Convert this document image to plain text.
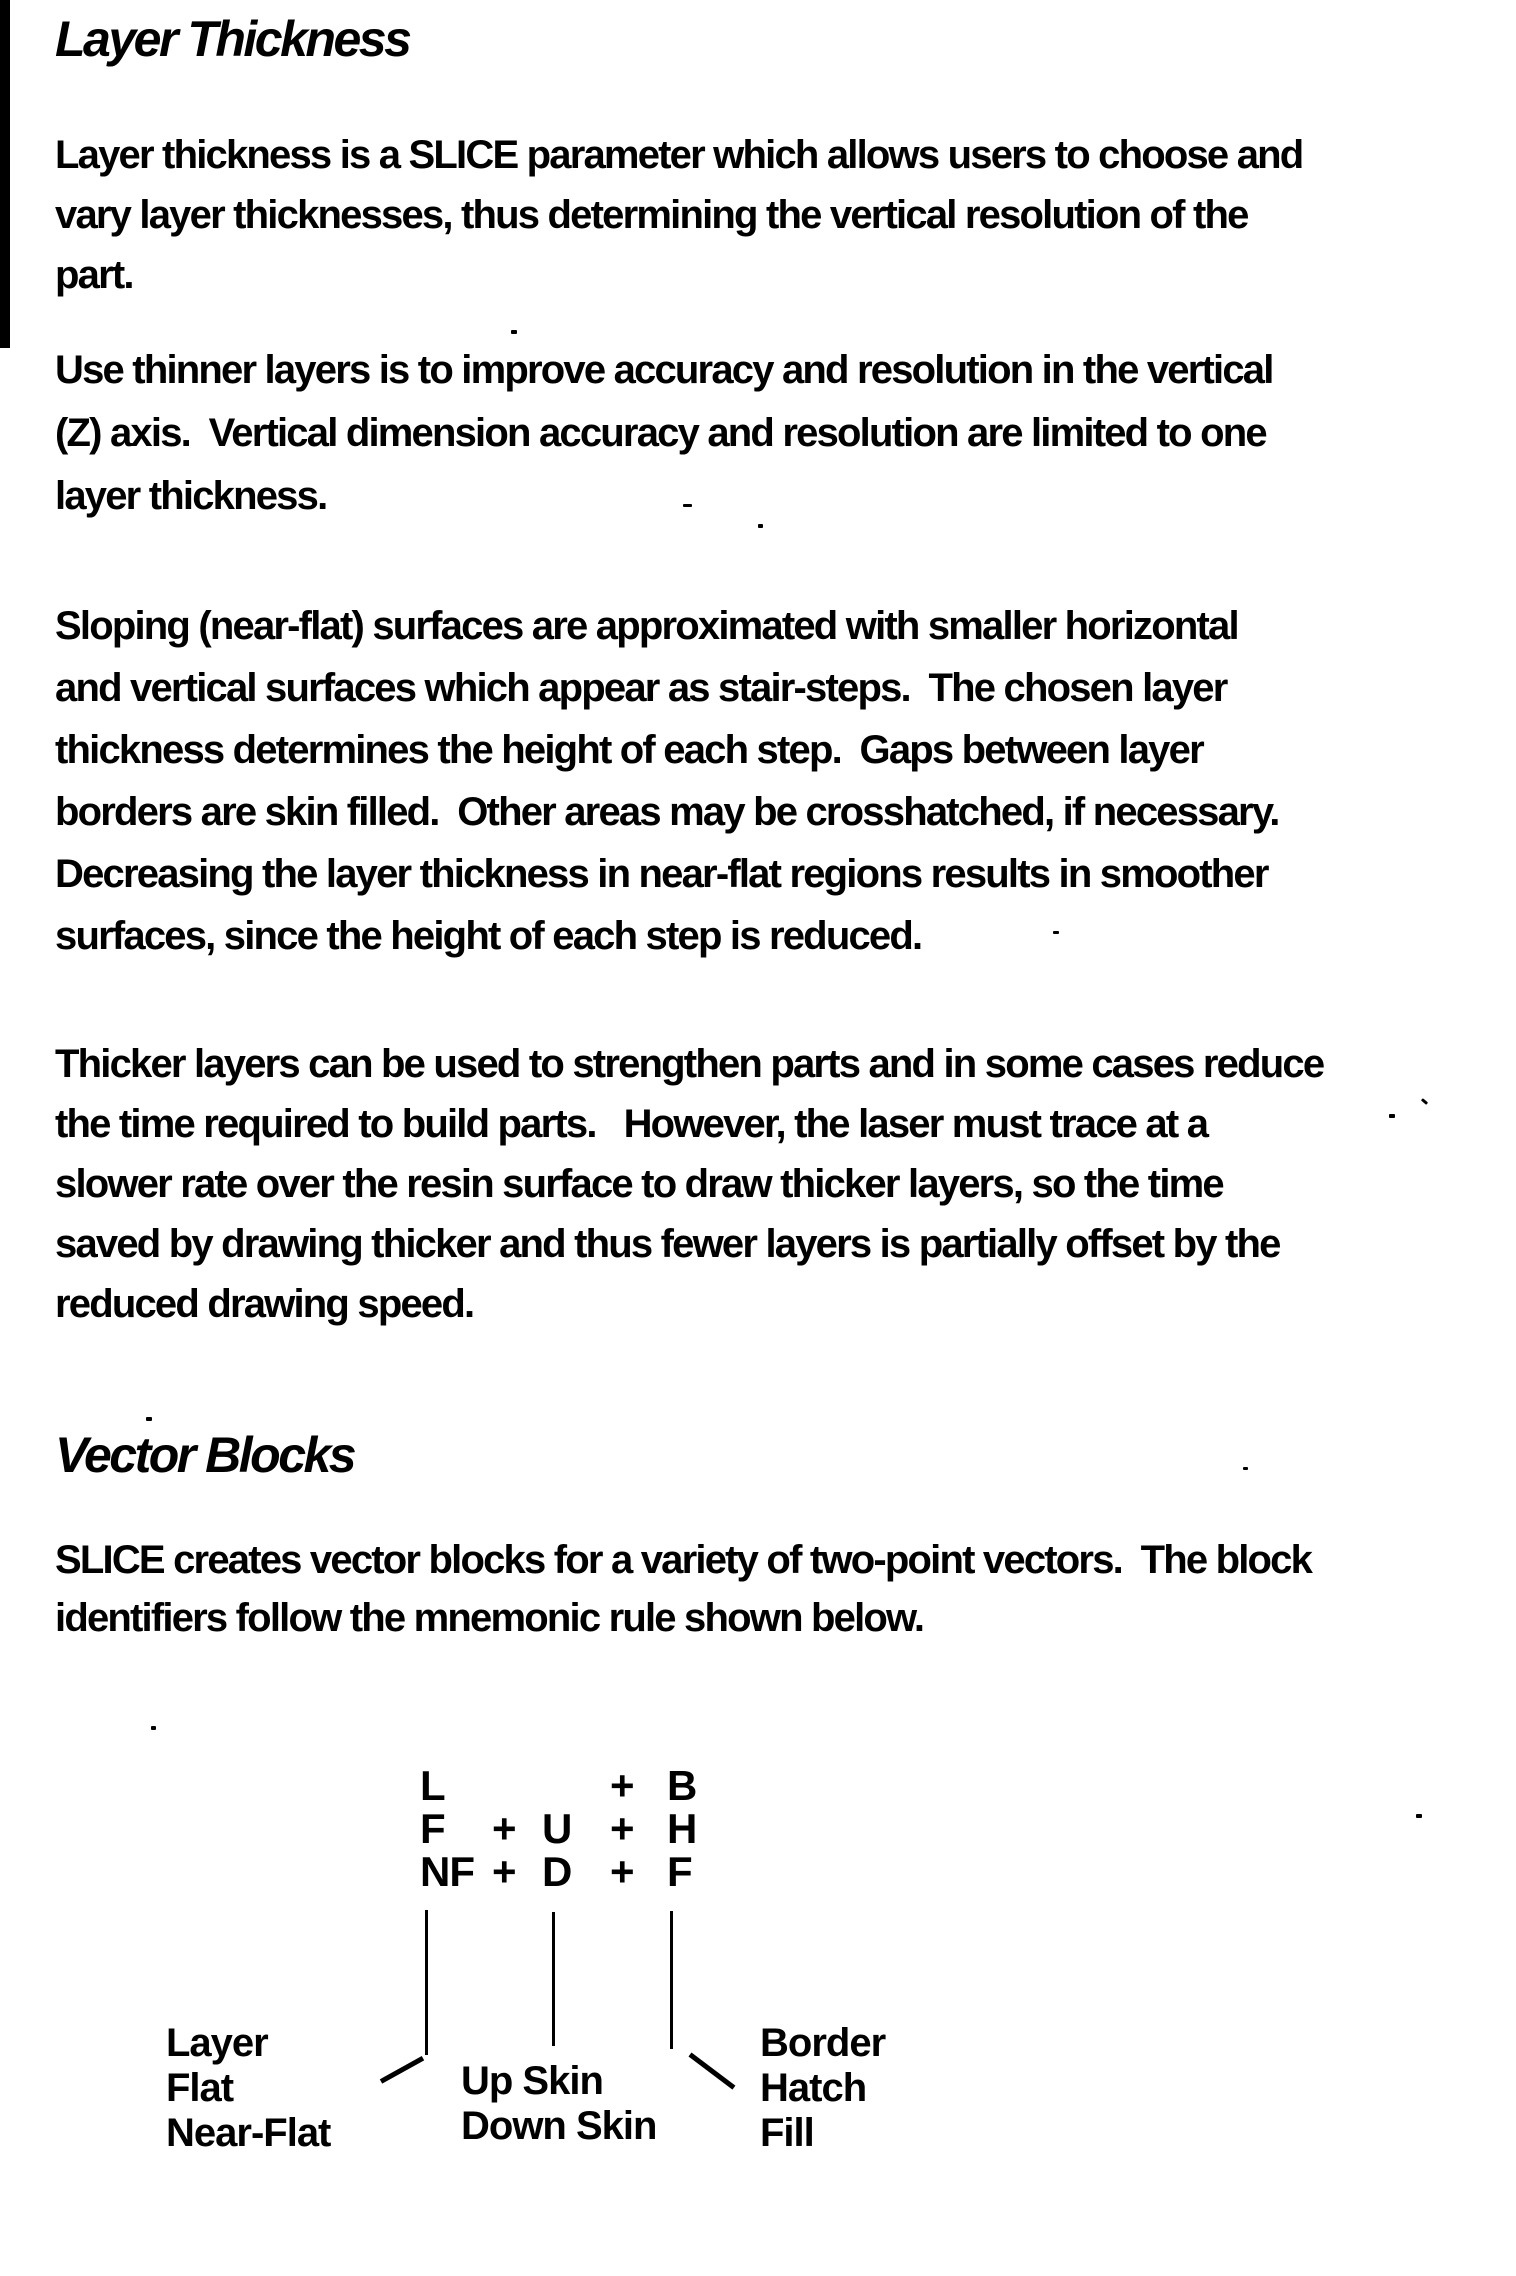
Layer Thickness
Layer thickness is a SLICE parameter which allows users to choose and
vary layer thicknesses, thus determining the vertical resolution of the
part.
Use thinner layers is to improve accuracy and resolution in the vertical
(Z) axis.  Vertical dimension accuracy and resolution are limited to one
layer thickness.
Sloping (near-flat) surfaces are approximated with smaller horizontal
and vertical surfaces which appear as stair-steps.  The chosen layer
thickness determines the height of each step.  Gaps between layer
borders are skin filled.  Other areas may be crosshatched, if necessary.
Decreasing the layer thickness in near-flat regions results in smoother
surfaces, since the height of each step is reduced.
Thicker layers can be used to strengthen parts and in some cases reduce
the time required to build parts.   However, the laser must trace at a
slower rate over the resin surface to draw thicker layers, so the time
saved by drawing thicker and thus fewer layers is partially offset by the
reduced drawing speed.
Vector Blocks
SLICE creates vector blocks for a variety of two-point vectors.  The block
identifiers follow the mnemonic rule shown below.
L
F
NF
+
+
U
D
+
+
+
B
H
F
Layer
Flat
Near-Flat
Up Skin
Down Skin
Border
Hatch
Fill
